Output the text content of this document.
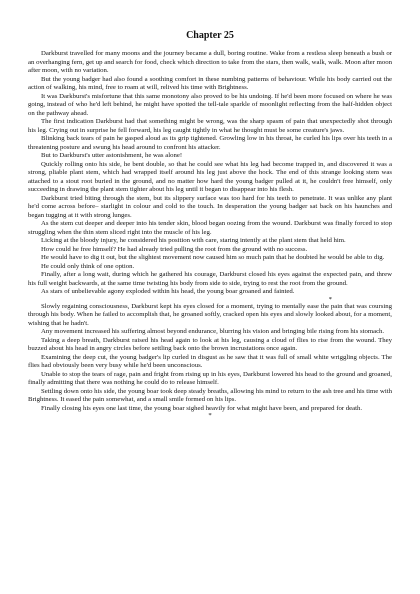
Chapter 25

Darkburst travelled for many moons and the journey became a dull, boring routine. Wake from a restless sleep beneath a bush or an overhanging fern, get up and search for food, check which direction to take from the stars, then walk, walk, walk. Moon after moon after moon, with no variation.

But the young badger had also found a soothing comfort in these numbing patterns of behaviour. While his body carried out the action of walking, his mind, free to roam at will, relived his time with Brightness.

It was Darkburst's misfortune that this same monotony also proved to be his undoing. If he'd been more focused on where he was going, instead of who he'd left behind, he might have spotted the tell-tale sparkle of moonlight reflecting from the half-hidden object on the pathway ahead.

The first indication Darkburst had that something might be wrong, was the sharp spasm of pain that unexpectedly shot through his leg. Crying out in surprise he fell forward, his leg caught tightly in what he thought must be some creature's jaws.

Blinking back tears of pain he gasped aloud as its grip tightened. Growling low in his throat, he curled his lips over his teeth in a threatening posture and swung his head around to confront his attacker.

But to Darkburst's utter astonishment, he was alone!

Quickly rolling onto his side, he bent double, so that he could see what his leg had become trapped in, and discovered it was a strong, pliable plant stem, which had wrapped itself around his leg just above the hock. The end of this strange looking stem was attached to a stout root buried in the ground, and no matter how hard the young badger pulled at it, he couldn't free himself, only succeeding in drawing the plant stem tighter about his leg until it began to disappear into his flesh.

Darkburst tried biting through the stem, but its slippery surface was too hard for his teeth to penetrate. It was unlike any plant he'd come across before– starlight in colour and cold to the touch. In desperation the young badger sat back on his haunches and began tugging at it with strong lunges.

As the stem cut deeper and deeper into his tender skin, blood began oozing from the wound. Darkburst was finally forced to stop struggling when the thin stem sliced right into the muscle of his leg.

Licking at the bloody injury, he considered his position with care, staring intently at the plant stem that held him.

How could he free himself? He had already tried pulling the root from the ground with no success.

He would have to dig it out, but the slightest movement now caused him so much pain that he doubted he would be able to dig.

He could only think of one option.

Finally, after a long wait, during which he gathered his courage, Darkburst closed his eyes against the expected pain, and threw his full weight backwards, at the same time twisting his body from side to side, trying to rest the root from the ground.

As stars of unbelievable agony exploded within his head, the young boar groaned and fainted.

*

Slowly regaining consciousness, Darkburst kept his eyes closed for a moment, trying to mentally ease the pain that was coursing through his body. When he failed to accomplish that, he groaned softly, cracked open his eyes and slowly looked about, for a moment, wishing that he hadn't.

Any movement increased his suffering almost beyond endurance, blurring his vision and bringing bile rising from his stomach.

Taking a deep breath, Darkburst raised his head again to look at his leg, causing a cloud of flies to rise from the wound. They buzzed about his head in angry circles before settling back onto the brown incrustations once again.

Examining the deep cut, the young badger's lip curled in disgust as he saw that it was full of small white wriggling objects. The flies had obviously been very busy while he'd been unconscious.

Unable to stop the tears of rage, pain and fright from rising up in his eyes, Darkburst lowered his head to the ground and groaned, finally admitting that there was nothing he could do to release himself.

Settling down onto his side, the young boar took deep steady breaths, allowing his mind to return to the ash tree and his time with Brightness. It eased the pain somewhat, and a small smile formed on his lips.

Finally closing his eyes one last time, the young boar sighed heavily for what might have been, and prepared for death.

*
